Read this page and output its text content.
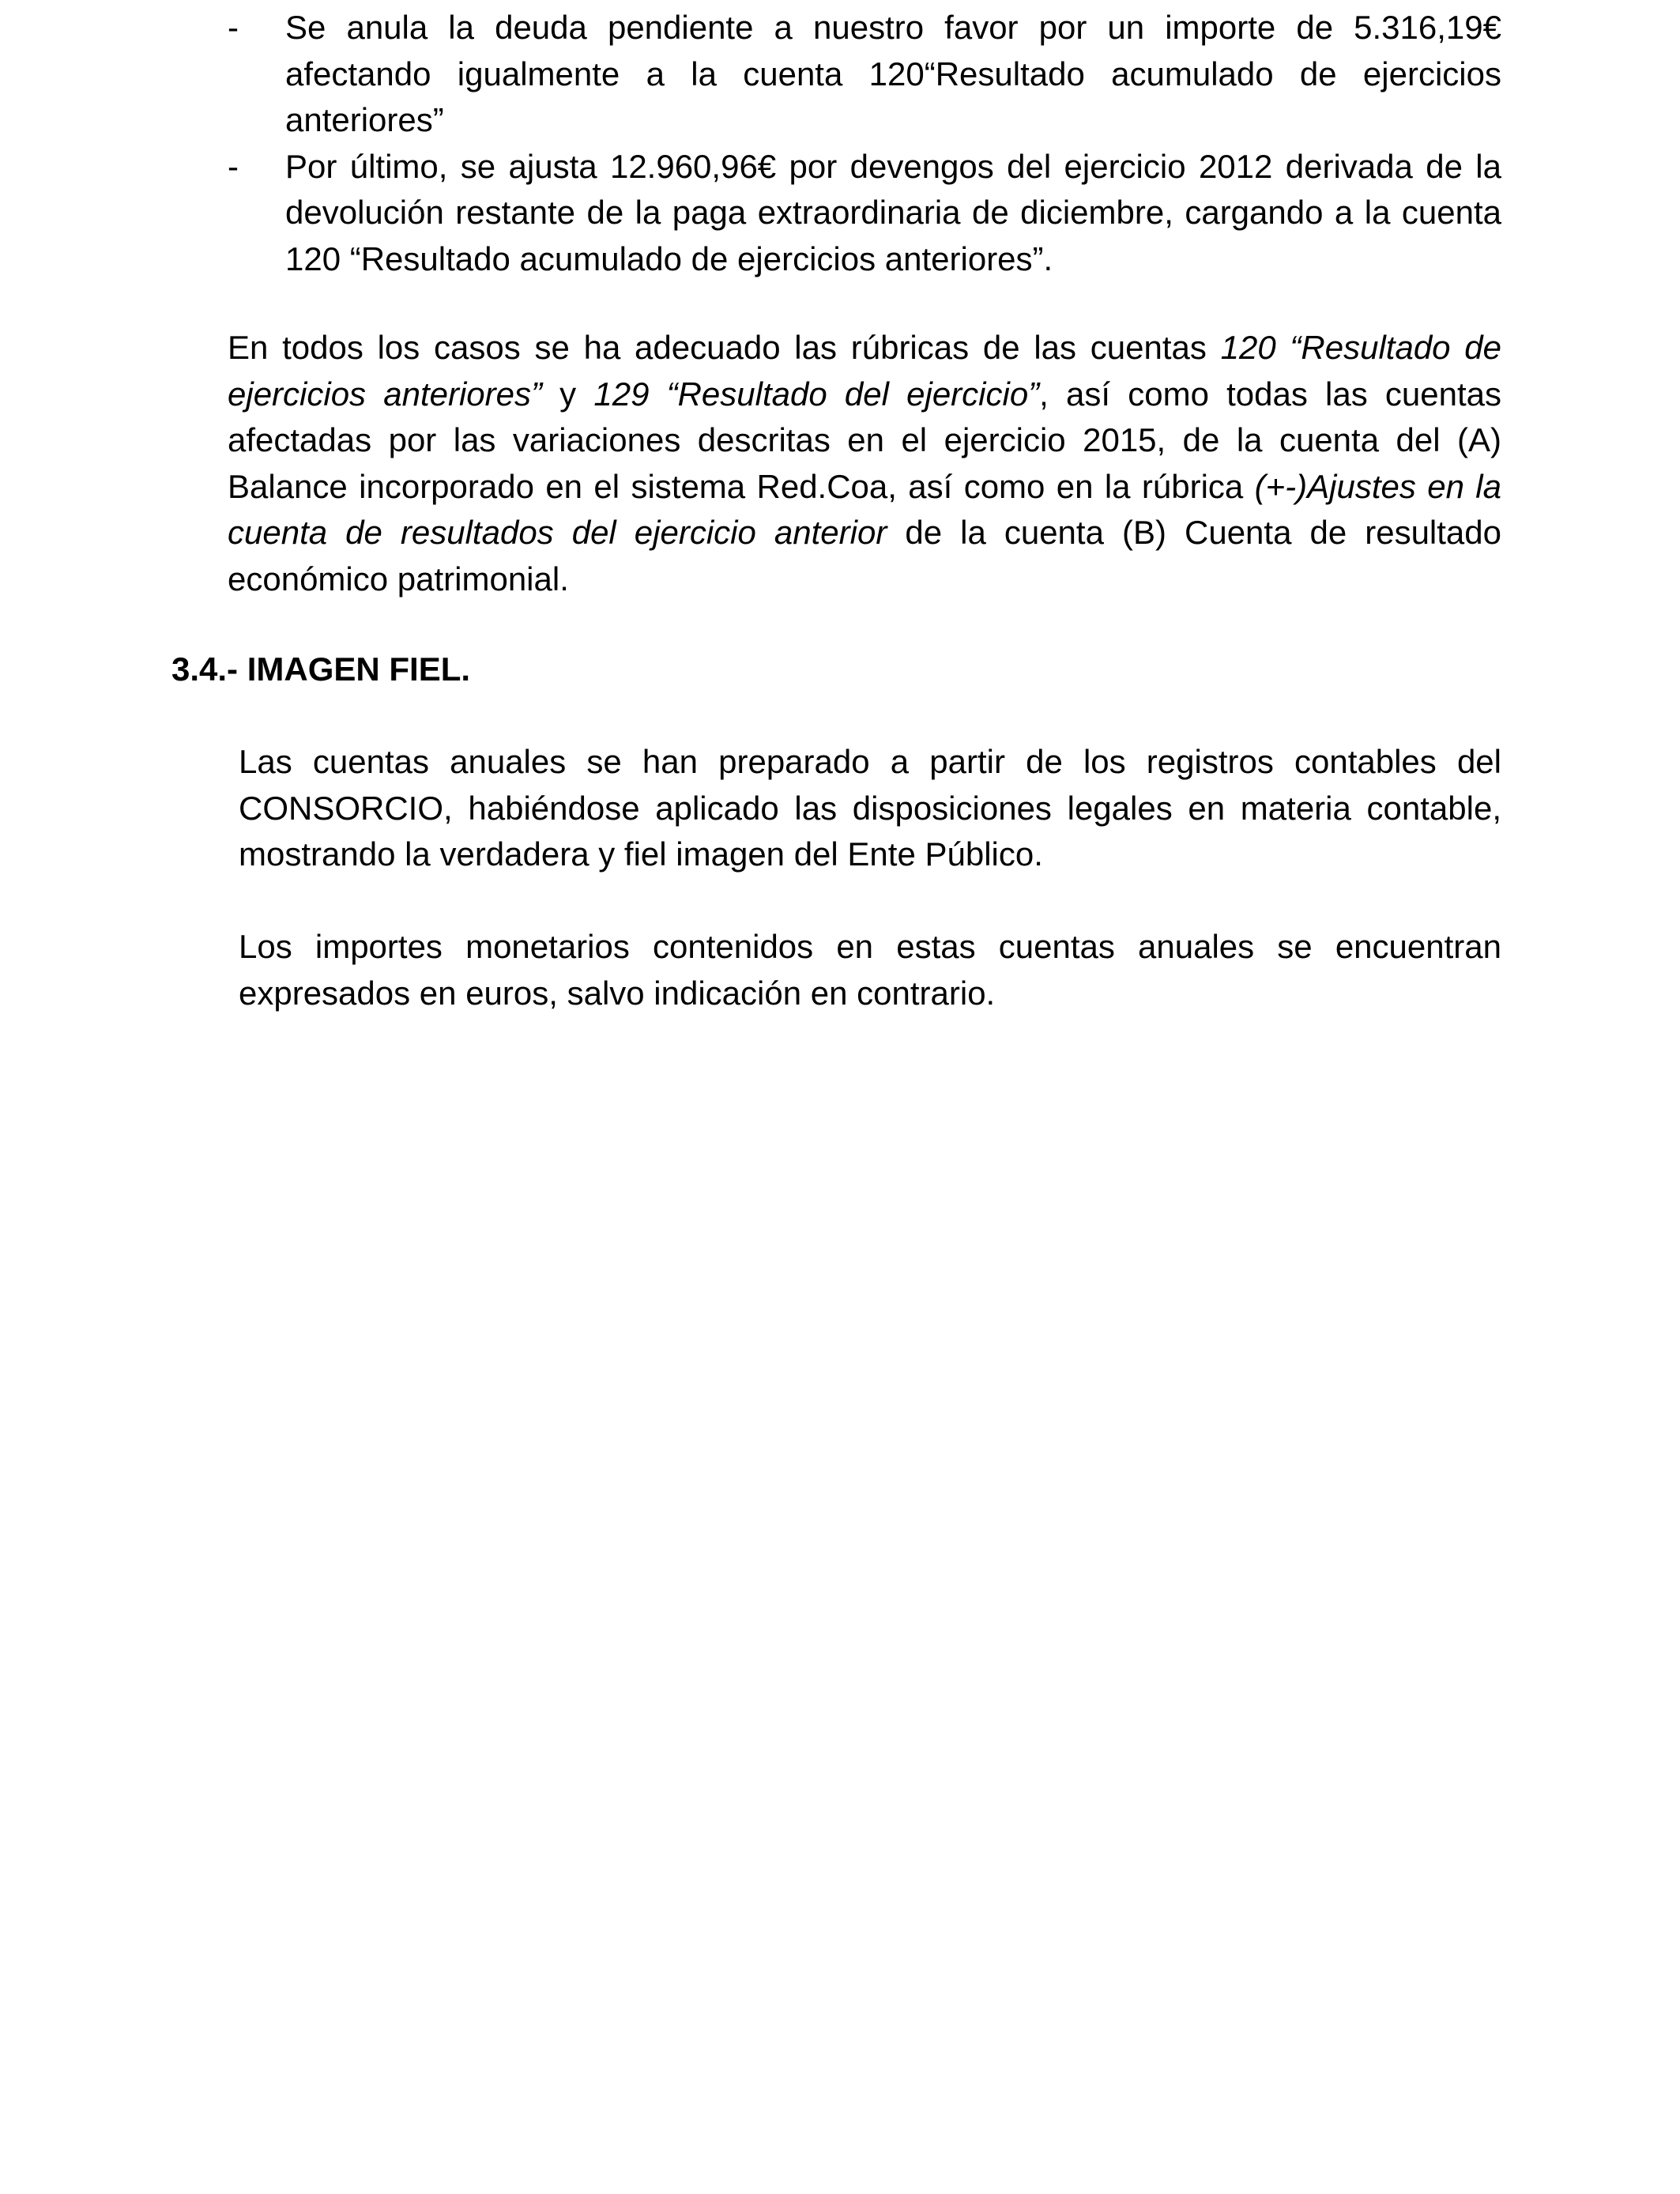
- Se anula la deuda pendiente a nuestro favor por un importe de 5.316,19€ afectando igualmente a la cuenta 120“Resultado acumulado de ejercicios anteriores”
- Por último, se ajusta 12.960,96€ por devengos del ejercicio 2012 derivada de la devolución restante de la paga extraordinaria de diciembre, cargando a la cuenta 120 “Resultado acumulado de ejercicios anteriores”.

En todos los casos se ha adecuado las rúbricas de las cuentas 120 “Resultado de ejercicios anteriores” y 129 “Resultado del ejercicio”, así como todas las cuentas afectadas por las variaciones descritas en el ejercicio 2015, de la cuenta del (A) Balance incorporado en el sistema Red.Coa, así como en la rúbrica (+-)Ajustes en la cuenta de resultados del ejercicio anterior de la cuenta (B) Cuenta de resultado económico patrimonial.

3.4.- IMAGEN FIEL.

Las cuentas anuales se han preparado a partir de los registros contables del CONSORCIO, habiéndose aplicado las disposiciones legales en materia contable, mostrando la verdadera y fiel imagen del Ente Público.

Los importes monetarios contenidos en estas cuentas anuales se encuentran expresados en euros, salvo indicación en contrario.
